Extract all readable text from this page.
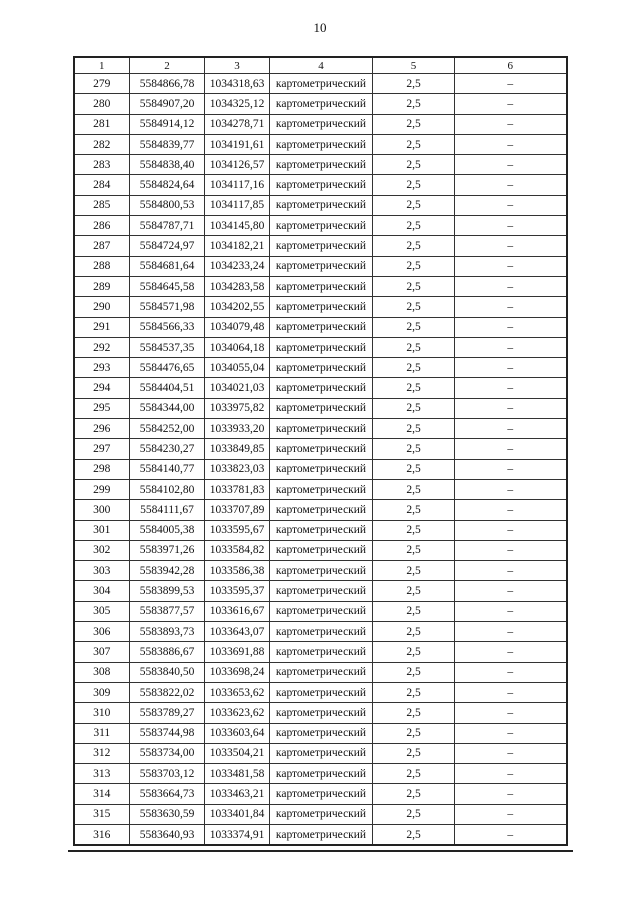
10
1	2	3	4	5	6
279	5584866,78	1034318,63	картометрический	2,5	–
280	5584907,20	1034325,12	картометрический	2,5	–
281	5584914,12	1034278,71	картометрический	2,5	–
282	5584839,77	1034191,61	картометрический	2,5	–
283	5584838,40	1034126,57	картометрический	2,5	–
284	5584824,64	1034117,16	картометрический	2,5	–
285	5584800,53	1034117,85	картометрический	2,5	–
286	5584787,71	1034145,80	картометрический	2,5	–
287	5584724,97	1034182,21	картометрический	2,5	–
288	5584681,64	1034233,24	картометрический	2,5	–
289	5584645,58	1034283,58	картометрический	2,5	–
290	5584571,98	1034202,55	картометрический	2,5	–
291	5584566,33	1034079,48	картометрический	2,5	–
292	5584537,35	1034064,18	картометрический	2,5	–
293	5584476,65	1034055,04	картометрический	2,5	–
294	5584404,51	1034021,03	картометрический	2,5	–
295	5584344,00	1033975,82	картометрический	2,5	–
296	5584252,00	1033933,20	картометрический	2,5	–
297	5584230,27	1033849,85	картометрический	2,5	–
298	5584140,77	1033823,03	картометрический	2,5	–
299	5584102,80	1033781,83	картометрический	2,5	–
300	5584111,67	1033707,89	картометрический	2,5	–
301	5584005,38	1033595,67	картометрический	2,5	–
302	5583971,26	1033584,82	картометрический	2,5	–
303	5583942,28	1033586,38	картометрический	2,5	–
304	5583899,53	1033595,37	картометрический	2,5	–
305	5583877,57	1033616,67	картометрический	2,5	–
306	5583893,73	1033643,07	картометрический	2,5	–
307	5583886,67	1033691,88	картометрический	2,5	–
308	5583840,50	1033698,24	картометрический	2,5	–
309	5583822,02	1033653,62	картометрический	2,5	–
310	5583789,27	1033623,62	картометрический	2,5	–
311	5583744,98	1033603,64	картометрический	2,5	–
312	5583734,00	1033504,21	картометрический	2,5	–
313	5583703,12	1033481,58	картометрический	2,5	–
314	5583664,73	1033463,21	картометрический	2,5	–
315	5583630,59	1033401,84	картометрический	2,5	–
316	5583640,93	1033374,91	картометрический	2,5	–
